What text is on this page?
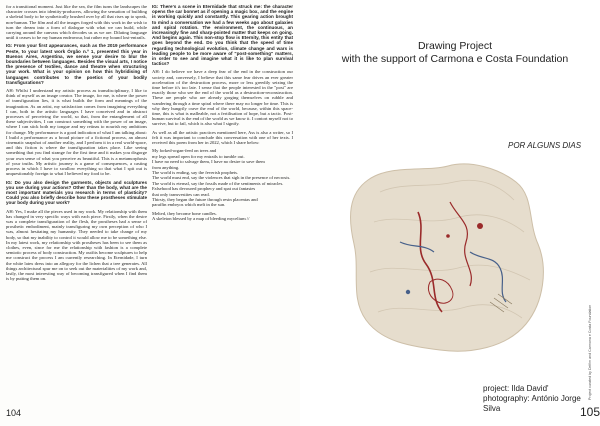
for a transitional moment. Just like the sea, the film turns the landscapes the character crosses into identity-producers, allowing the sensation of building a skeletal body to be synthetically brushed over by all that rises up to speak, non-human. The film and all the images forged with this work in the wish to turn the dream into a form of dialogue with what we can build, while carrying around the canvass which decodes us as we are. Dilating language until it ceases to be my human endeavour, but rather my bound lost-entrails.

IG: From your first appearances, such as the 2019 performance Peste, to your latest work Órgão n.º 1, presented this year in Buenos Aires, Argentina, we sense your desire to blur the boundaries between languages. Besides the visual arts, I notice the presence of textiles, dance and theatre when structuring your work. What is your opinion on how this hybridising of languages contributes to the poetics of your bodily transfigurations?

AH: Whilst I understand my artistic process as transdisciplinary, I like to think of myself as an image creator. The image, for me, is where the power of transfiguration lies, it is what builds the form and meanings of the imagination. As an artist, my satisfaction comes from imagining everything I can, both in the artistic languages I have conceived and in abstract processes of perceiving the world, so that, from the entanglement of all these subjectivities, I can construct something with the power of an image, where I can stick both my tongue and my retinas to nourish my ambitions for change. My performance is a good indication of what I am talking about: I build a performance as a broad picture of a fictional process, an almost cinematic snapshot of another reality, and I perform it in a real world-space, and this fiction is where the transfiguration takes place. Like seeing something that you find strange for the first time and it makes you disgorge your own sense of what you perceive as beautiful. This is a metamorphosis of your truths. My artistic journey is a game of consequences, a casting process in which I have to swallow everything so that what I spit out is unquestionably foreign to what I believed my food to be.

IG: Do you also design the garments, objects and sculptures you use during your actions? Other than the body, what are the most important materials you research in terms of plasticity? Could you also briefly describe how these prostheses stimulate your body during your work?

AH: Yes, I make all the pieces used in my work. My relationship with them has changed in very specific ways with each piece. Firstly, when the desire was a complete transfiguration of the flesh, the prostheses had a sense of prosthetic embodiment, mainly transfiguring my own perception of who I was, almost hesitating my humanity. They needed to take change of my body, so that my inability to control it would allow me to be something else. In my latest work, my relationship with prostheses has been to see them as clothes, even, since for me the relationship with fashion is a complete semiotic process of body construction. My outfits become sculptures to help me construct the process I am currently researching. In Eternidade, I turn the white latex dress into an allegory for the lichen that a tree generates. All things architectural spur me on to seek out the materialities of my work and, lastly, the most interesting way of becoming transfigured when I find them is by putting them on.

IG: There's a scene in Eternidade that struck me: the character opens the car bonnet as if opening a magic box, and the engine is working quickly and constantly. This gearing action brought to mind a conversation we had a few weeks ago about galaxies and spiral rotation. The environment, the continuous, an increasingly fine and sharp-pointed matter that keeps on going. And begins again. This non-stop flow is Eternity, this entity that goes beyond the end. Do you think that the speed of time regarding technological evolution, climate change and wars is leading people to be more aware of "post-something" matters, in order to see and imagine what it is like to plan survival tactics?

AH: I do believe we have a deep fear of the end in the construction our society and, conversely, I believe that this same fear drives an ever greater acceleration of the destruction process, more or less greedily seizing the time before it's too late. I sense that the people interested in the "post" are exactly those who see the end of the world as a destruction-reconstruction. These are people who are already gorging themselves on rubble and wandering through a time spiral where there may no longer be time. This is why they hungrily crave the end of the world, because, within this space-time, this is what is malleable, not a fertilisation of hope, but a tactic. Post-human survival is the end of the world as we know it. I contort myself not to survive, but to fail, which is also what I signify.

As well as all the artistic practices mentioned here, Ass is also a writer, so I felt it was important to conclude this conversation with one of her texts. I received this poem from her in 2022, which I share below:

My forked-organ-feed on trees and
my legs spread open for my entrails to tumble out.
I have no need to salvage them, I have no desire to save them
from anything.
The world is ending, say the feverish prophets.
The world must end, say the violences that sigh in the presence of necrosis.
The world is eternal, say the fossils made of the sentiments of miracles.
Falsehood has devoured prophecy and spat out fantasies
that only transvestites can read.
Thirsty, they began the future through resin placentas and
paraffin embryos which melt in the sun.
Melted, they become bone candles.
A skeleton blessed by a map of bleeding mycelium //
104
Drawing Project
with the support of Carmona e Costa Foundation
POR ALGUNS DIAS
project: Ilda David'
photography: António Jorge Silva
Project curated by Delfim and Carmona e Costa Foundation
105
